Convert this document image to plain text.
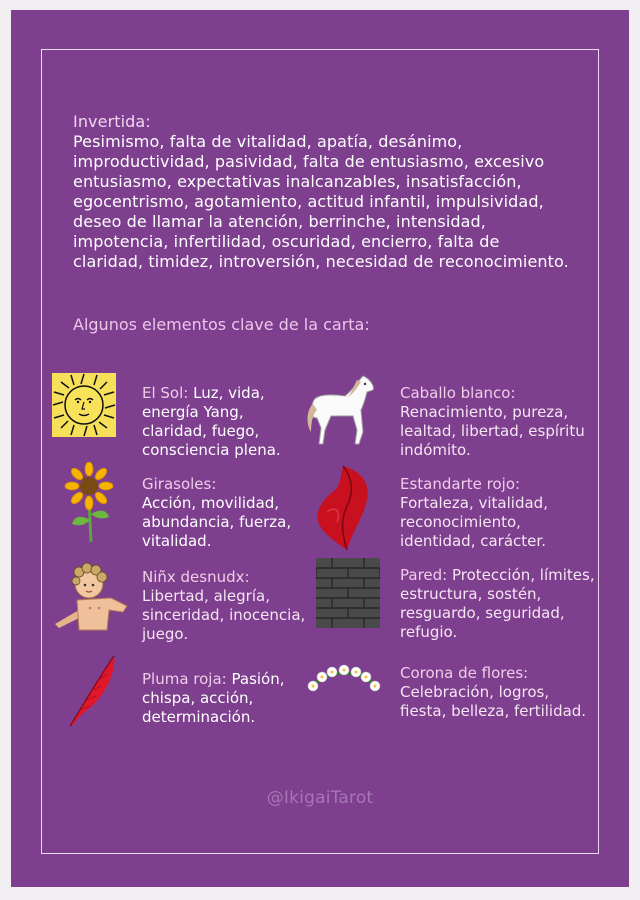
Invertida:
Pesimismo, falta de vitalidad, apatía, desánimo, improductividad, pasividad, falta de entusiasmo, excesivo entusiasmo, expectativas inalcanzables, insatisfacción, egocentrismo, agotamiento, actitud infantil, impulsividad, deseo de llamar la atención, berrinche, intensidad, impotencia, infertilidad, oscuridad, encierro, falta de claridad, timidez, introversión, necesidad de reconocimiento.
Algunos elementos clave de la carta:
El Sol: Luz, vida, energía Yang, claridad, fuego, consciencia plena.
Girasoles:
Acción, movilidad, abundancia, fuerza, vitalidad.
Niñx desnudx:
Libertad, alegría, sinceridad, inocencia, juego.
Pluma roja: Pasión, chispa, acción, determinación.
Caballo blanco:
Renacimiento, pureza, lealtad, libertad, espíritu indómito.
Estandarte rojo:
Fortaleza, vitalidad, reconocimiento, identidad, carácter.
Pared: Protección, límites, estructura, sostén, resguardo, seguridad, refugio.
Corona de flores:
Celebración, logros, fiesta, belleza, fertilidad.
@IkigaiTarot
